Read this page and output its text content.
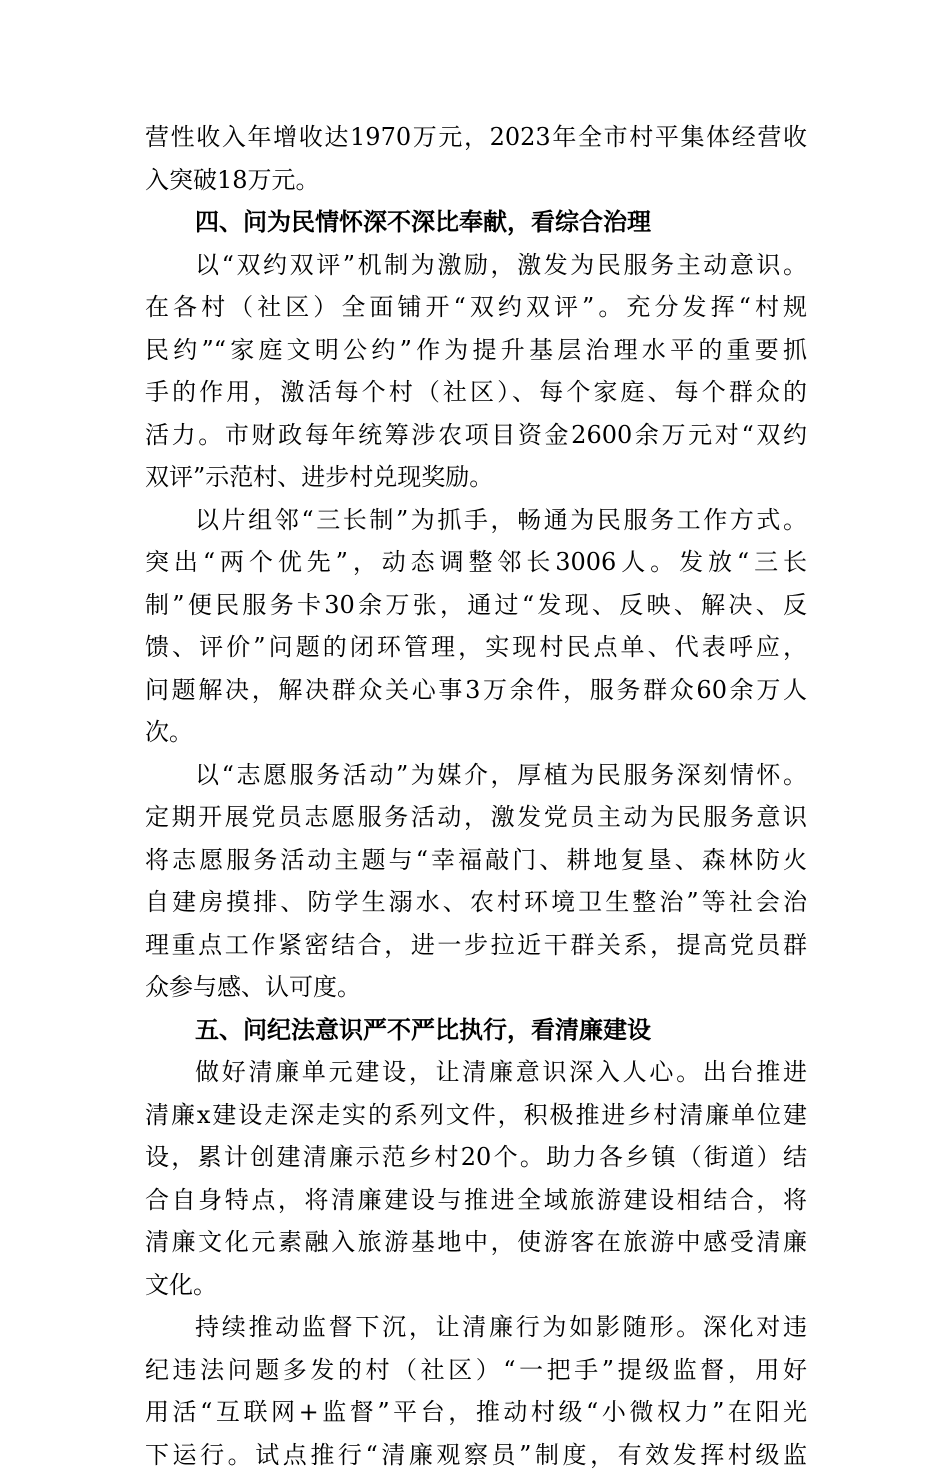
营性收入年增收达1970万元，2023年全市村平集体经营收
入突破18万元。
四、问为民情怀深不深比奉献，看综合治理
以“双约双评”机制为激励，激发为民服务主动意识。
在各村（社区）全面铺开“双约双评”。充分发挥“村规
民约”“家庭文明公约”作为提升基层治理水平的重要抓
手的作用，激活每个村（社区）、每个家庭、每个群众的
活力。市财政每年统筹涉农项目资金2600余万元对“双约
双评”示范村、进步村兑现奖励。
以片组邻“三长制”为抓手，畅通为民服务工作方式。
突出“两个优先”，动态调整邻长3006人。发放“三长
制”便民服务卡30余万张，通过“发现、反映、解决、反
馈、评价”问题的闭环管理，实现村民点单、代表呼应，
问题解决，解决群众关心事3万余件，服务群众60余万人
次。
以“志愿服务活动”为媒介，厚植为民服务深刻情怀。
定期开展党员志愿服务活动，激发党员主动为民服务意识
将志愿服务活动主题与“幸福敲门、耕地复垦、森林防火
自建房摸排、防学生溺水、农村环境卫生整治”等社会治
理重点工作紧密结合，进一步拉近干群关系，提高党员群
众参与感、认可度。
五、问纪法意识严不严比执行，看清廉建设
做好清廉单元建设，让清廉意识深入人心。出台推进
清廉x建设走深走实的系列文件，积极推进乡村清廉单位建
设，累计创建清廉示范乡村20个。助力各乡镇（街道）结
合自身特点，将清廉建设与推进全域旅游建设相结合，将
清廉文化元素融入旅游基地中，使游客在旅游中感受清廉
文化。
持续推动监督下沉，让清廉行为如影随形。深化对违
纪违法问题多发的村（社区）“一把手”提级监督，用好
用活“互联网+监督”平台，推动村级“小微权力”在阳光
下运行。试点推行“清廉观察员”制度，有效发挥村级监
